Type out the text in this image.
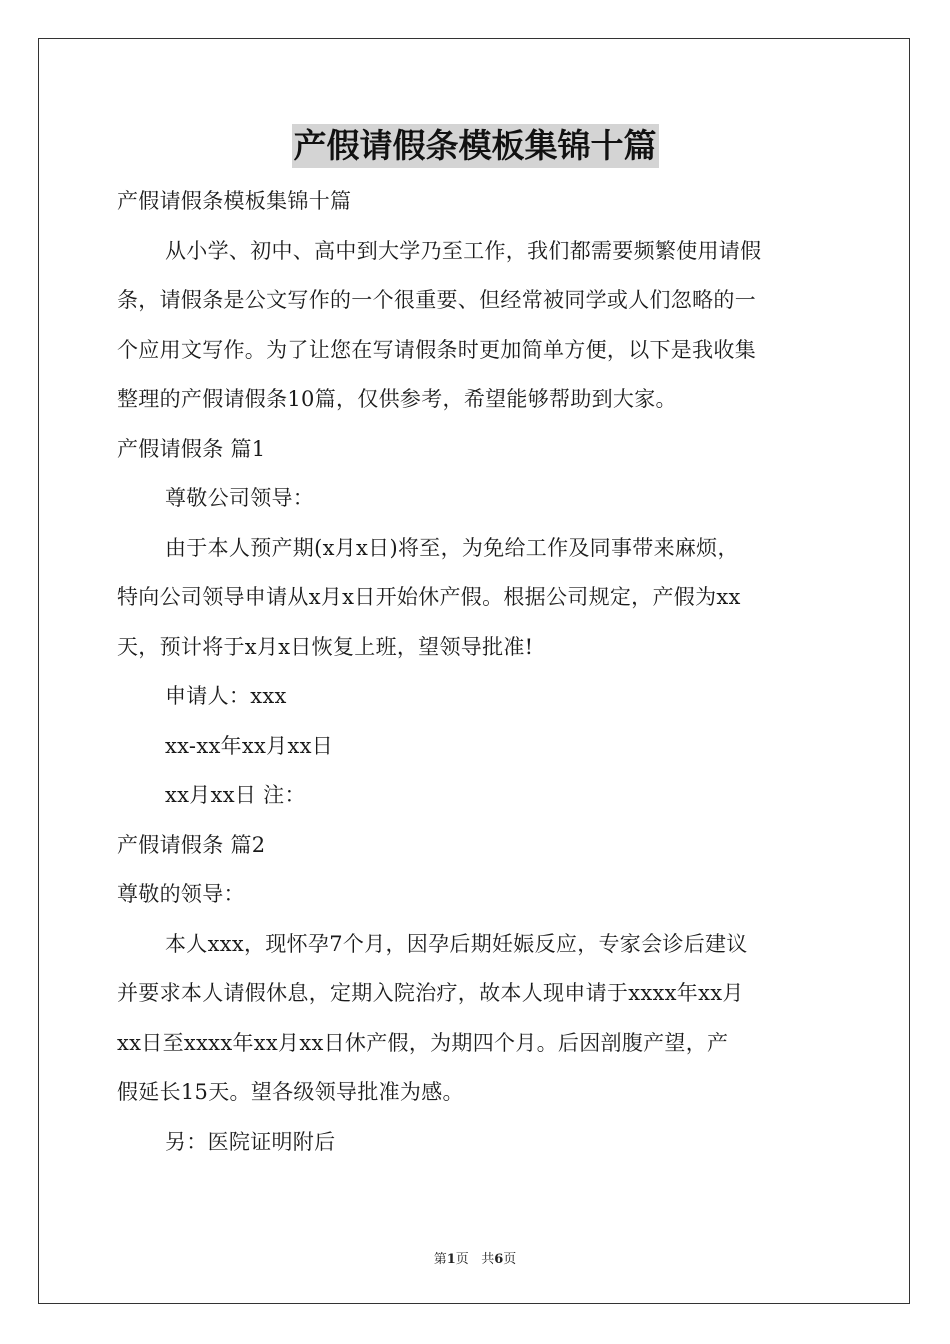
产假请假条模板集锦十篇
产假请假条模板集锦十篇
从小学、初中、高中到大学乃至工作，我们都需要频繁使用请假
条，请假条是公文写作的一个很重要、但经常被同学或人们忽略的一
个应用文写作。为了让您在写请假条时更加简单方便，以下是我收集
整理的产假请假条10篇，仅供参考，希望能够帮助到大家。
产假请假条 篇1
尊敬公司领导：
由于本人预产期(x月x日)将至，为免给工作及同事带来麻烦，
特向公司领导申请从x月x日开始休产假。根据公司规定，产假为xx
天，预计将于x月x日恢复上班，望领导批准!
申请人：xxx
xx-xx年xx月xx日
xx月xx日 注：
产假请假条 篇2
尊敬的领导：
本人xxx，现怀孕7个月，因孕后期妊娠反应，专家会诊后建议
并要求本人请假休息，定期入院治疗，故本人现申请于xxxx年xx月
xx日至xxxx年xx月xx日休产假，为期四个月。后因剖腹产望，产
假延长15天。望各级领导批准为感。
另：医院证明附后
第1页 共6页
